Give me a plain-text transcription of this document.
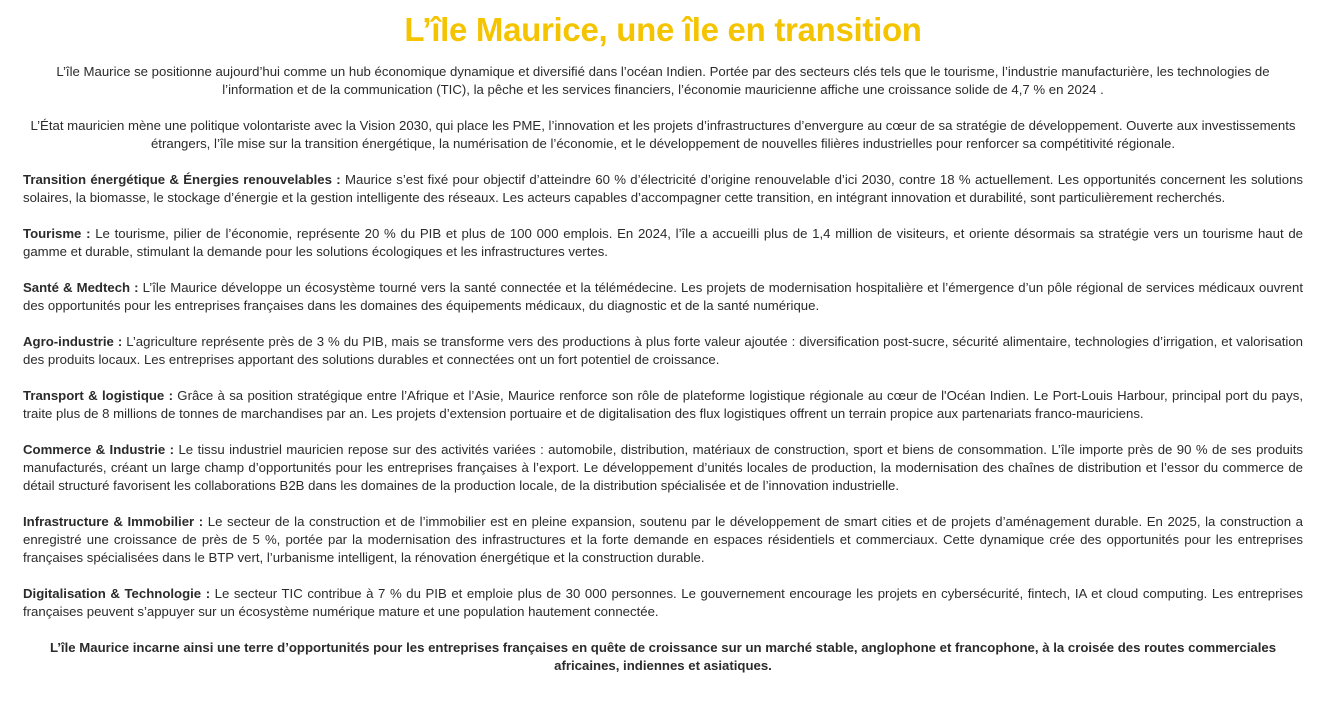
L’île Maurice, une île en transition

L’île Maurice se positionne aujourd’hui comme un hub économique dynamique et diversifié dans l’océan Indien. Portée par des secteurs clés tels que le tourisme, l’industrie manufacturière, les technologies de l’information et de la communication (TIC), la pêche et les services financiers, l’économie mauricienne affiche une croissance solide de 4,7 % en 2024 .

L’État mauricien mène une politique volontariste avec la Vision 2030, qui place les PME, l’innovation et les projets d’infrastructures d’envergure au cœur de sa stratégie de développement. Ouverte aux investissements étrangers, l’île mise sur la transition énergétique, la numérisation de l’économie, et le développement de nouvelles filières industrielles pour renforcer sa compétitivité régionale.

Transition énergétique & Énergies renouvelables : Maurice s’est fixé pour objectif d’atteindre 60 % d’électricité d’origine renouvelable d’ici 2030, contre 18 % actuellement. Les opportunités concernent les solutions solaires, la biomasse, le stockage d’énergie et la gestion intelligente des réseaux. Les acteurs capables d’accompagner cette transition, en intégrant innovation et durabilité, sont particulièrement recherchés.

Tourisme : Le tourisme, pilier de l’économie, représente 20 % du PIB et plus de 100 000 emplois. En 2024, l’île a accueilli plus de 1,4 million de visiteurs, et oriente désormais sa stratégie vers un tourisme haut de gamme et durable, stimulant la demande pour les solutions écologiques et les infrastructures vertes.

Santé & Medtech : L’île Maurice développe un écosystème tourné vers la santé connectée et la télémédecine. Les projets de modernisation hospitalière et l’émergence d’un pôle régional de services médicaux ouvrent des opportunités pour les entreprises françaises dans les domaines des équipements médicaux, du diagnostic et de la santé numérique.

Agro-industrie : L’agriculture représente près de 3 % du PIB, mais se transforme vers des productions à plus forte valeur ajoutée : diversification post-sucre, sécurité alimentaire, technologies d’irrigation, et valorisation des produits locaux. Les entreprises apportant des solutions durables et connectées ont un fort potentiel de croissance.

Transport & logistique : Grâce à sa position stratégique entre l’Afrique et l’Asie, Maurice renforce son rôle de plateforme logistique régionale au cœur de l'Océan Indien. Le Port-Louis Harbour, principal port du pays, traite plus de 8 millions de tonnes de marchandises par an. Les projets d’extension portuaire et de digitalisation des flux logistiques offrent un terrain propice aux partenariats franco-mauriciens.

Commerce & Industrie : Le tissu industriel mauricien repose sur des activités variées : automobile, distribution, matériaux de construction, sport et biens de consommation. L’île importe près de 90 % de ses produits manufacturés, créant un large champ d’opportunités pour les entreprises françaises à l’export. Le développement d’unités locales de production, la modernisation des chaînes de distribution et l’essor du commerce de détail structuré favorisent les collaborations B2B dans les domaines de la production locale, de la distribution spécialisée et de l’innovation industrielle.

Infrastructure & Immobilier : Le secteur de la construction et de l’immobilier est en pleine expansion, soutenu par le développement de smart cities et de projets d’aménagement durable. En 2025, la construction a enregistré une croissance de près de 5 %, portée par la modernisation des infrastructures et la forte demande en espaces résidentiels et commerciaux. Cette dynamique crée des opportunités pour les entreprises françaises spécialisées dans le BTP vert, l’urbanisme intelligent, la rénovation énergétique et la construction durable.

Digitalisation & Technologie : Le secteur TIC contribue à 7 % du PIB et emploie plus de 30 000 personnes. Le gouvernement encourage les projets en cybersécurité, fintech, IA et cloud computing. Les entreprises françaises peuvent s’appuyer sur un écosystème numérique mature et une population hautement connectée.

L’île Maurice incarne ainsi une terre d’opportunités pour les entreprises françaises en quête de croissance sur un marché stable, anglophone et francophone, à la croisée des routes commerciales africaines, indiennes et asiatiques.
